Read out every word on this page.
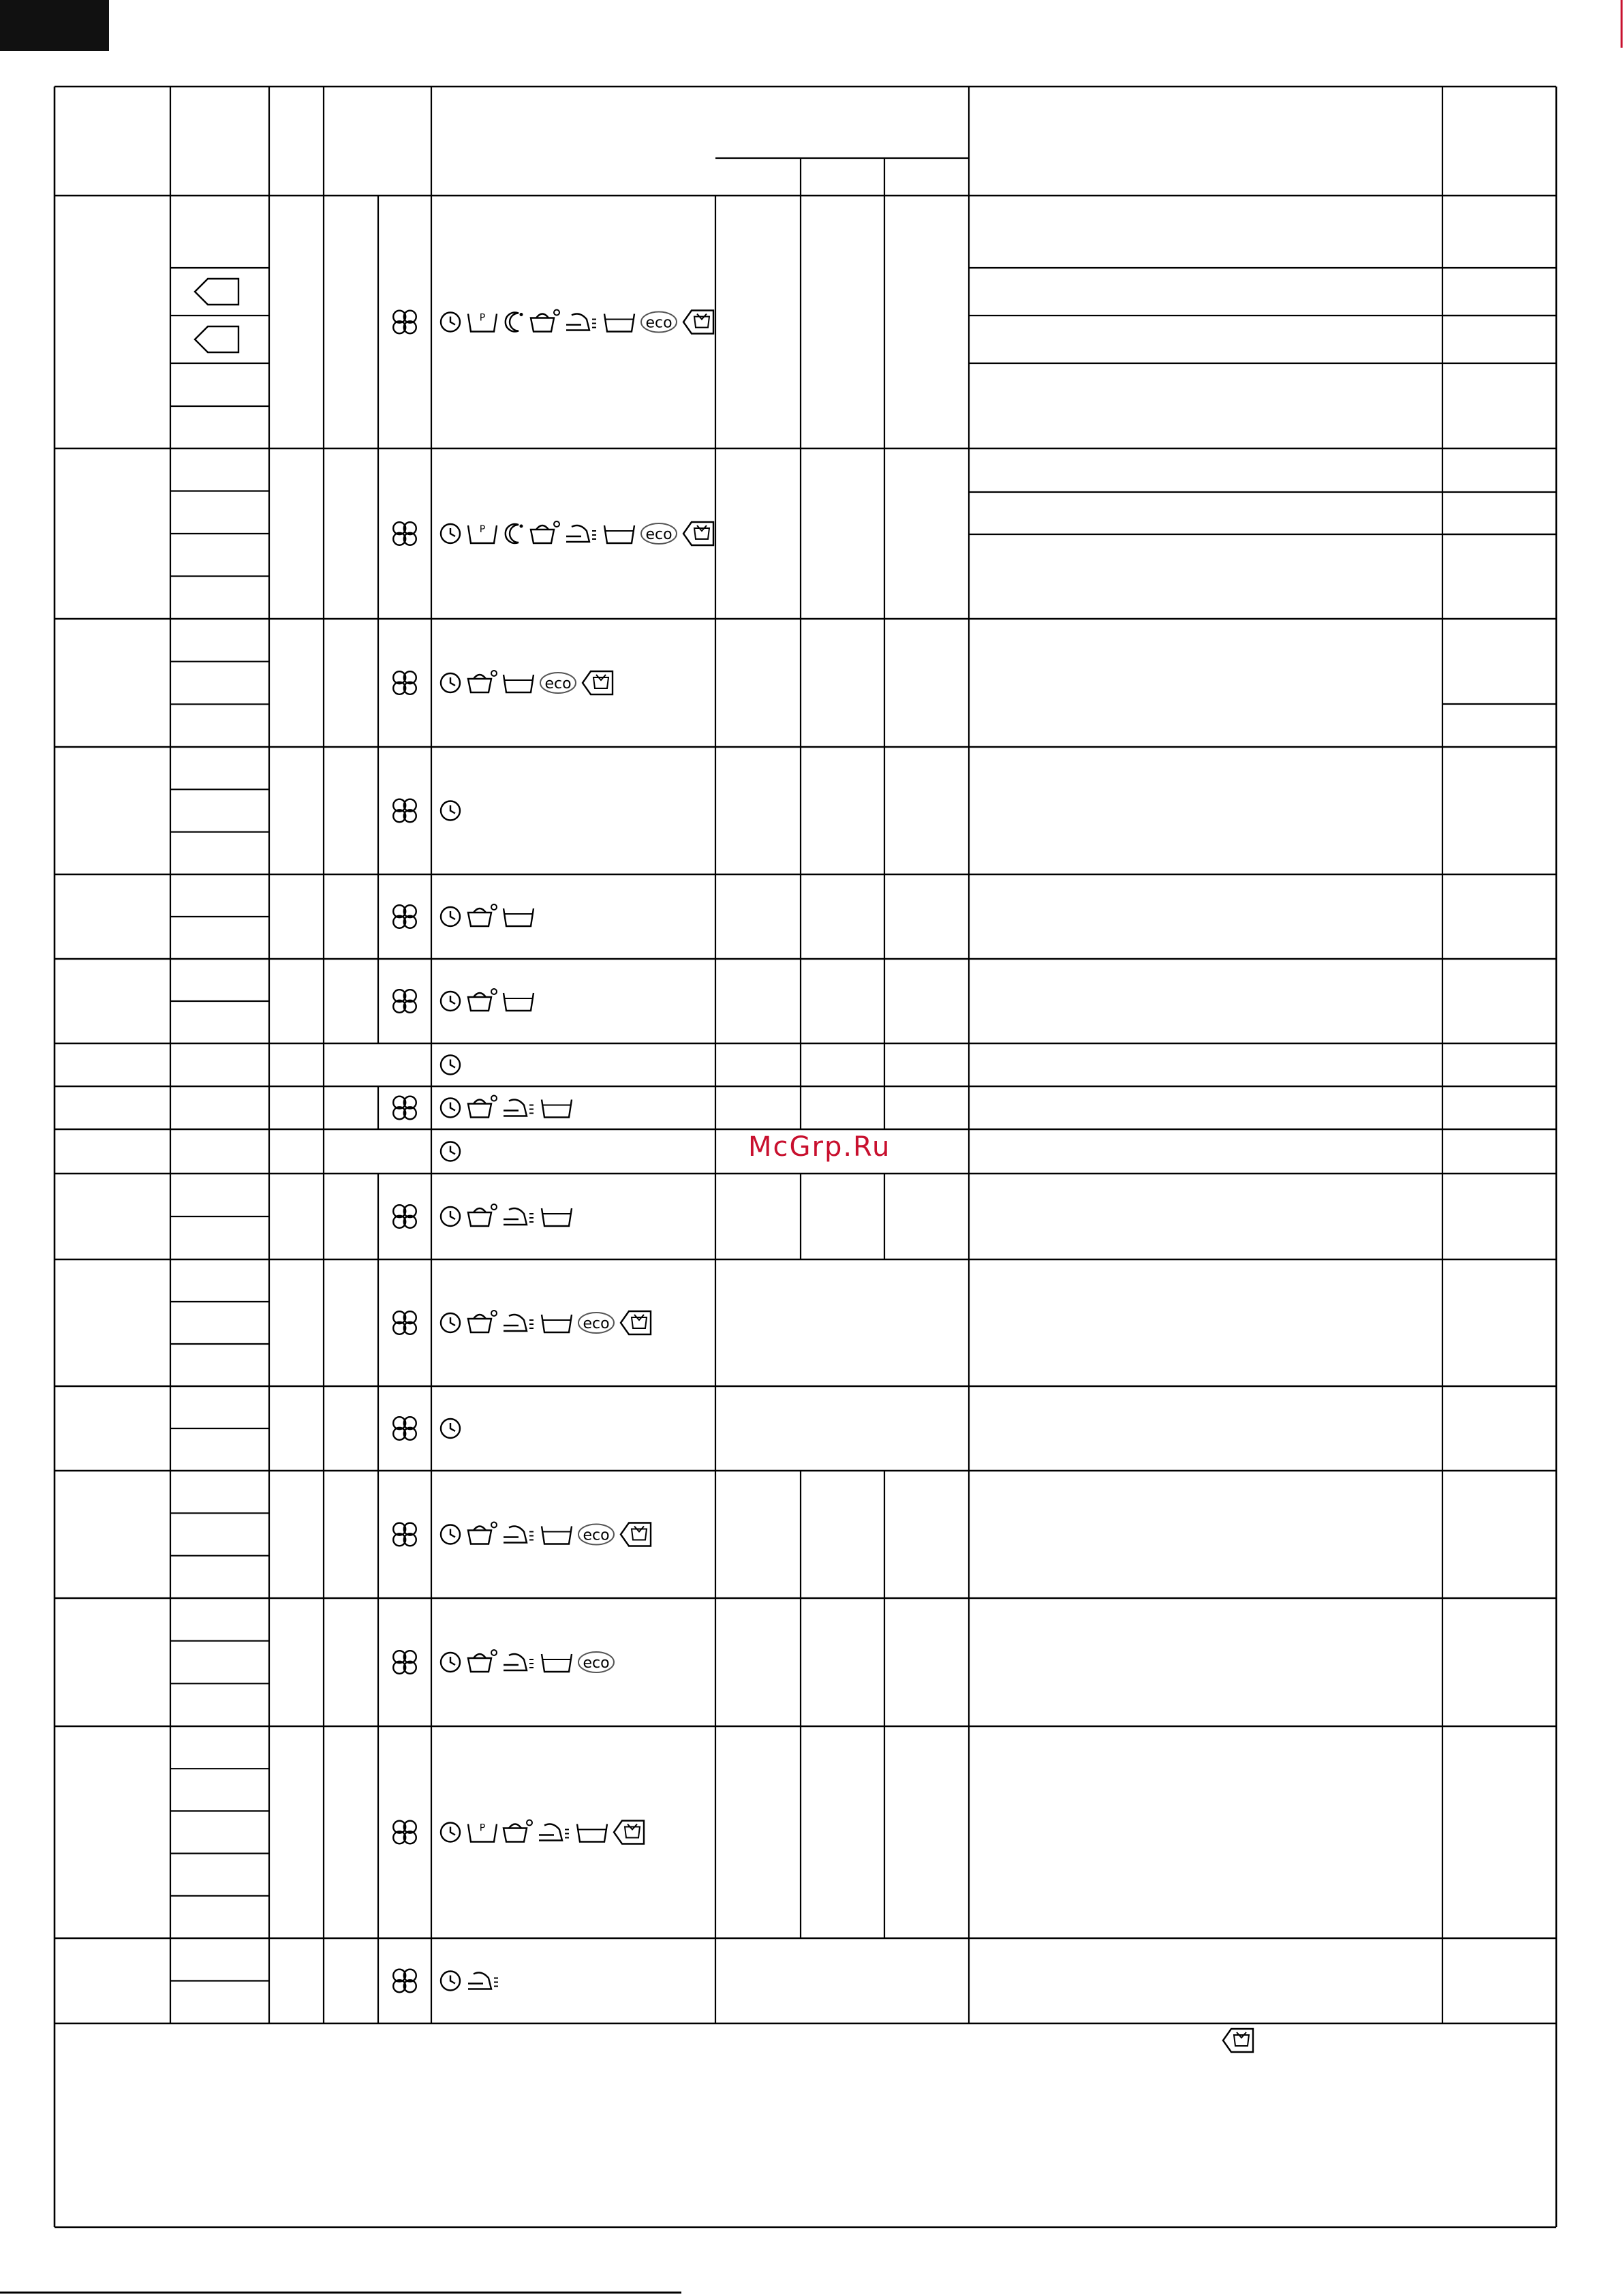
P	eco
P	eco
eco
eco
eco
eco
P
McGrp.Ru
